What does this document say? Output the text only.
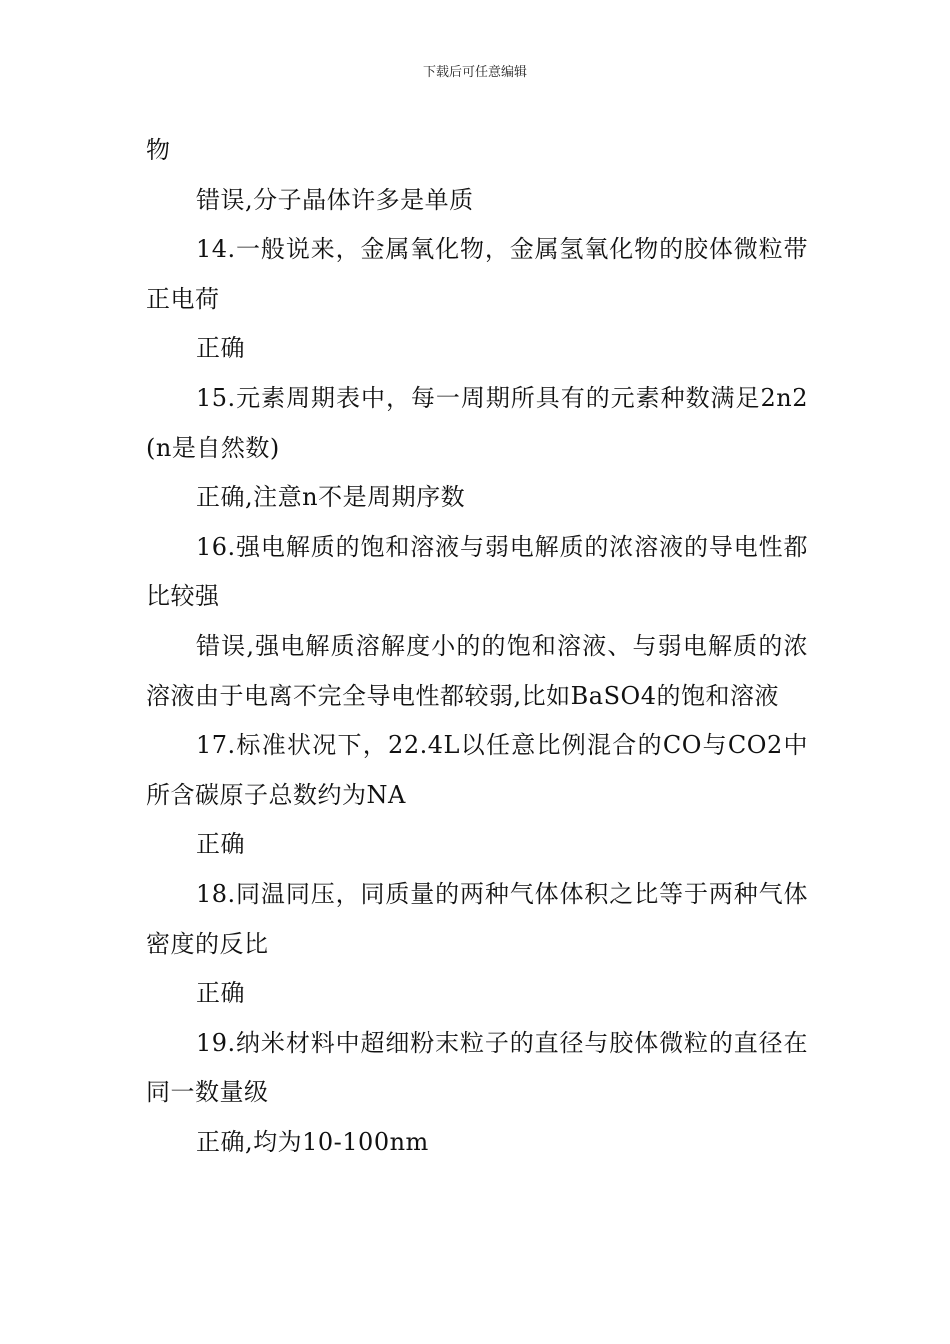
下载后可任意编辑

物

错误,分子晶体许多是单质

14.一般说来，金属氧化物，金属氢氧化物的胶体微粒带正电荷

正确

15.元素周期表中，每一周期所具有的元素种数满足2n2(n是自然数)

正确,注意n不是周期序数

16.强电解质的饱和溶液与弱电解质的浓溶液的导电性都比较强

错误,强电解质溶解度小的的饱和溶液、与弱电解质的浓溶液由于电离不完全导电性都较弱,比如BaSO4的饱和溶液

17.标准状况下，22.4L以任意比例混合的CO与CO2中所含碳原子总数约为NA

正确

18.同温同压，同质量的两种气体体积之比等于两种气体密度的反比

正确

19.纳米材料中超细粉末粒子的直径与胶体微粒的直径在同一数量级

正确,均为10-100nm
